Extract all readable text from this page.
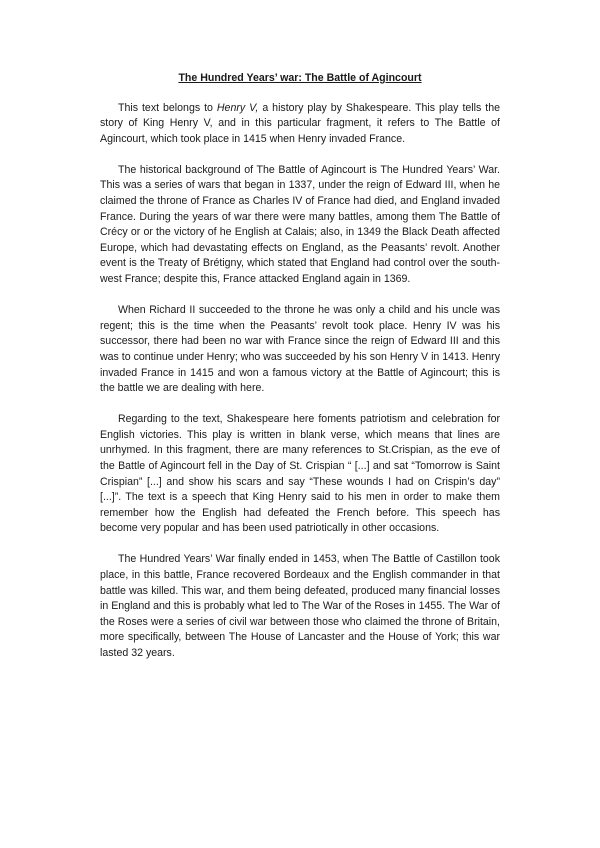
The Hundred Years’ war: The Battle of Agincourt

This text belongs to Henry V, a history play by Shakespeare. This play tells the story of King Henry V, and in this particular fragment, it refers to The Battle of Agincourt, which took place in 1415 when Henry invaded France.

The historical background of The Battle of Agincourt is The Hundred Years’ War. This was a series of wars that began in 1337, under the reign of Edward III, when he claimed the throne of France as Charles IV of France had died, and England invaded France. During the years of war there were many battles, among them The Battle of Crécy or or the victory of he English at Calais; also, in 1349 the Black Death affected Europe, which had devastating effects on England, as the Peasants’ revolt. Another event is the Treaty of Brétigny, which stated that England had control over the south-west France; despite this, France attacked England again in 1369.

When Richard II succeeded to the throne he was only a child and his uncle was regent; this is the time when the Peasants’ revolt took place. Henry IV was his successor, there had been no war with France since the reign of Edward III and this was to continue under Henry; who was succeeded by his son Henry V in 1413. Henry invaded France in 1415 and won a famous victory at the Battle of Agincourt; this is the battle we are dealing with here.

Regarding to the text, Shakespeare here foments patriotism and celebration for English victories. This play is written in blank verse, which means that lines are unrhymed. In this fragment, there are many references to St.Crispian, as the eve of the Battle of Agincourt fell in the Day of St. Crispian “ [...] and sat “Tomorrow is Saint Crispian” [...] and show his scars and say “These wounds I had on Crispin’s day” [...]”. The text is a speech that King Henry said to his men in order to make them remember how the English had defeated the French before. This speech has become very popular and has been used patriotically in other occasions.

The Hundred Years’ War finally ended in 1453, when The Battle of Castillon took place, in this battle, France recovered Bordeaux and the English commander in that battle was killed. This war, and them being defeated, produced many financial losses in England and this is probably what led to The War of the Roses in 1455. The War of the Roses were a series of civil war between those who claimed the throne of Britain, more specifically, between The House of Lancaster and the House of York; this war lasted 32 years.
